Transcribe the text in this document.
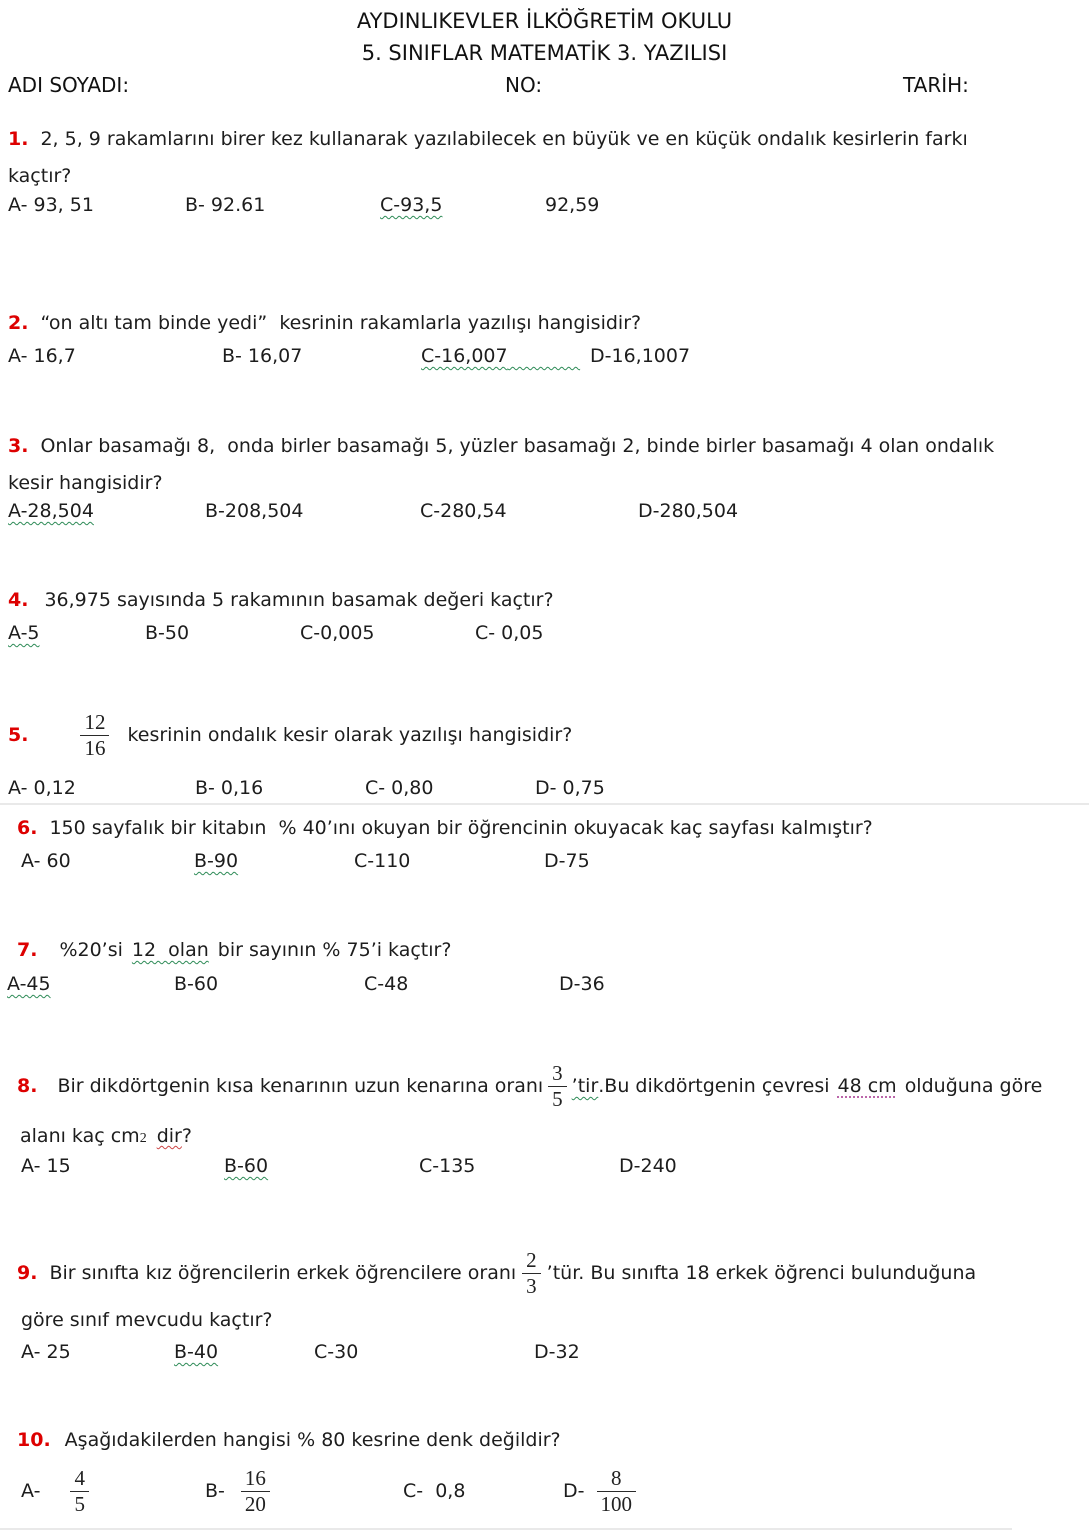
AYDINLIKEVLER İLKÖĞRETİM OKULU
5. SINIFLAR MATEMATİK 3. YAZILISI
ADI SOYADI:	NO:	TARİH:
1. 2, 5, 9 rakamlarını birer kez kullanarak yazılabilecek en büyük ve en küçük ondalık kesirlerin farkı
kaçtır?
A- 93, 51	B- 92.61	C-93,5	92,59
2. “on altı tam binde yedi”  kesrinin rakamlarla yazılışı hangisidir?
A- 16,7	B- 16,07	C-16,007	D-16,1007
3. Onlar basamağı 8,  onda birler basamağı 5, yüzler basamağı 2, binde birler basamağı 4 olan ondalık
kesir hangisidir?
A-28,504	B-208,504	C-280,54	D-280,504
4. 36,975 sayısında 5 rakamının basamak değeri kaçtır?
A-5	B-50	C-0,005	C- 0,05
5. $\frac{12}{16}$ kesrinin ondalık kesir olarak yazılışı hangisidir?
A- 0,12	B- 0,16	C- 0,80	D- 0,75
6. 150 sayfalık bir kitabın  % 40’ını okuyan bir öğrencinin okuyacak kaç sayfası kalmıştır?
A- 60	B-90	C-110	D-75
7. %20’si 12  olan bir sayının % 75’i kaçtır?
A-45	B-60	C-48	D-36
8. Bir dikdörtgenin kısa kenarının uzun kenarına oranı $\frac{3}{5}$ ’tir .Bu dikdörtgenin çevresi 48 cm olduğuna göre
alanı kaç cm 2 dir ?
A- 15	B-60	C-135	D-240
9. Bir sınıfta kız öğrencilerin erkek öğrencilere oranı $\frac{2}{3}$ ’tür. Bu sınıfta 18 erkek öğrenci bulunduğuna
göre sınıf mevcudu kaçtır?
A- 25	B-40	C-30	D-32
10. Aşağıdakilerden hangisi % 80 kesrine denk değildir?
$A- \frac{4}{5}$	$B- \frac{16}{20}$	C-  0,8	$D- \frac{8}{100}$
